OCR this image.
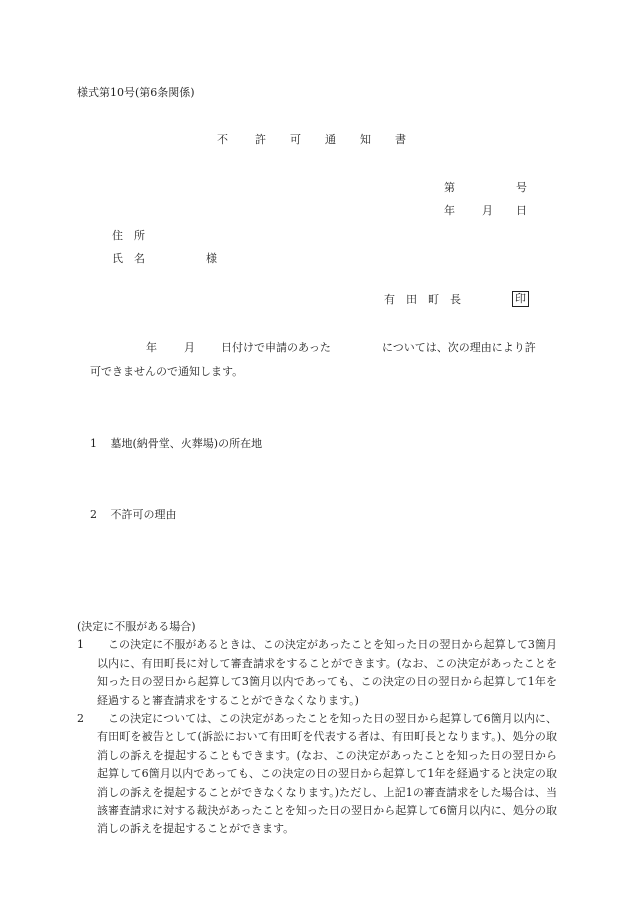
様式第10号(第6条関係)
不 許 可 通 知 書
第	号
年 月 日
住　所
氏　名	様
有　田　町　長	印
年 月 日付けで申請のあった	については、次の理由により許
可できませんので通知します。
1 墓地(納骨堂、火葬場)の所在地
2 不許可の理由
(決定に不服がある場合)
1	この決定に不服があるときは、この決定があったことを知った日の翌日から起算して3箇月以内に、有田町長に対して審査請求をすることができます。(なお、この決定があったことを知った日の翌日から起算して3箇月以内であっても、この決定の日の翌日から起算して1年を経過すると審査請求をすることができなくなります。)
2	この決定については、この決定があったことを知った日の翌日から起算して6箇月以内に、有田町を被告として(訴訟において有田町を代表する者は、有田町長となります。)、処分の取消しの訴えを提起することもできます。(なお、この決定があったことを知った日の翌日から起算して6箇月以内であっても、この決定の日の翌日から起算して1年を経過すると決定の取消しの訴えを提起することができなくなります。)ただし、上記1の審査請求をした場合は、当該審査請求に対する裁決があったことを知った日の翌日から起算して6箇月以内に、処分の取消しの訴えを提起することができます。
